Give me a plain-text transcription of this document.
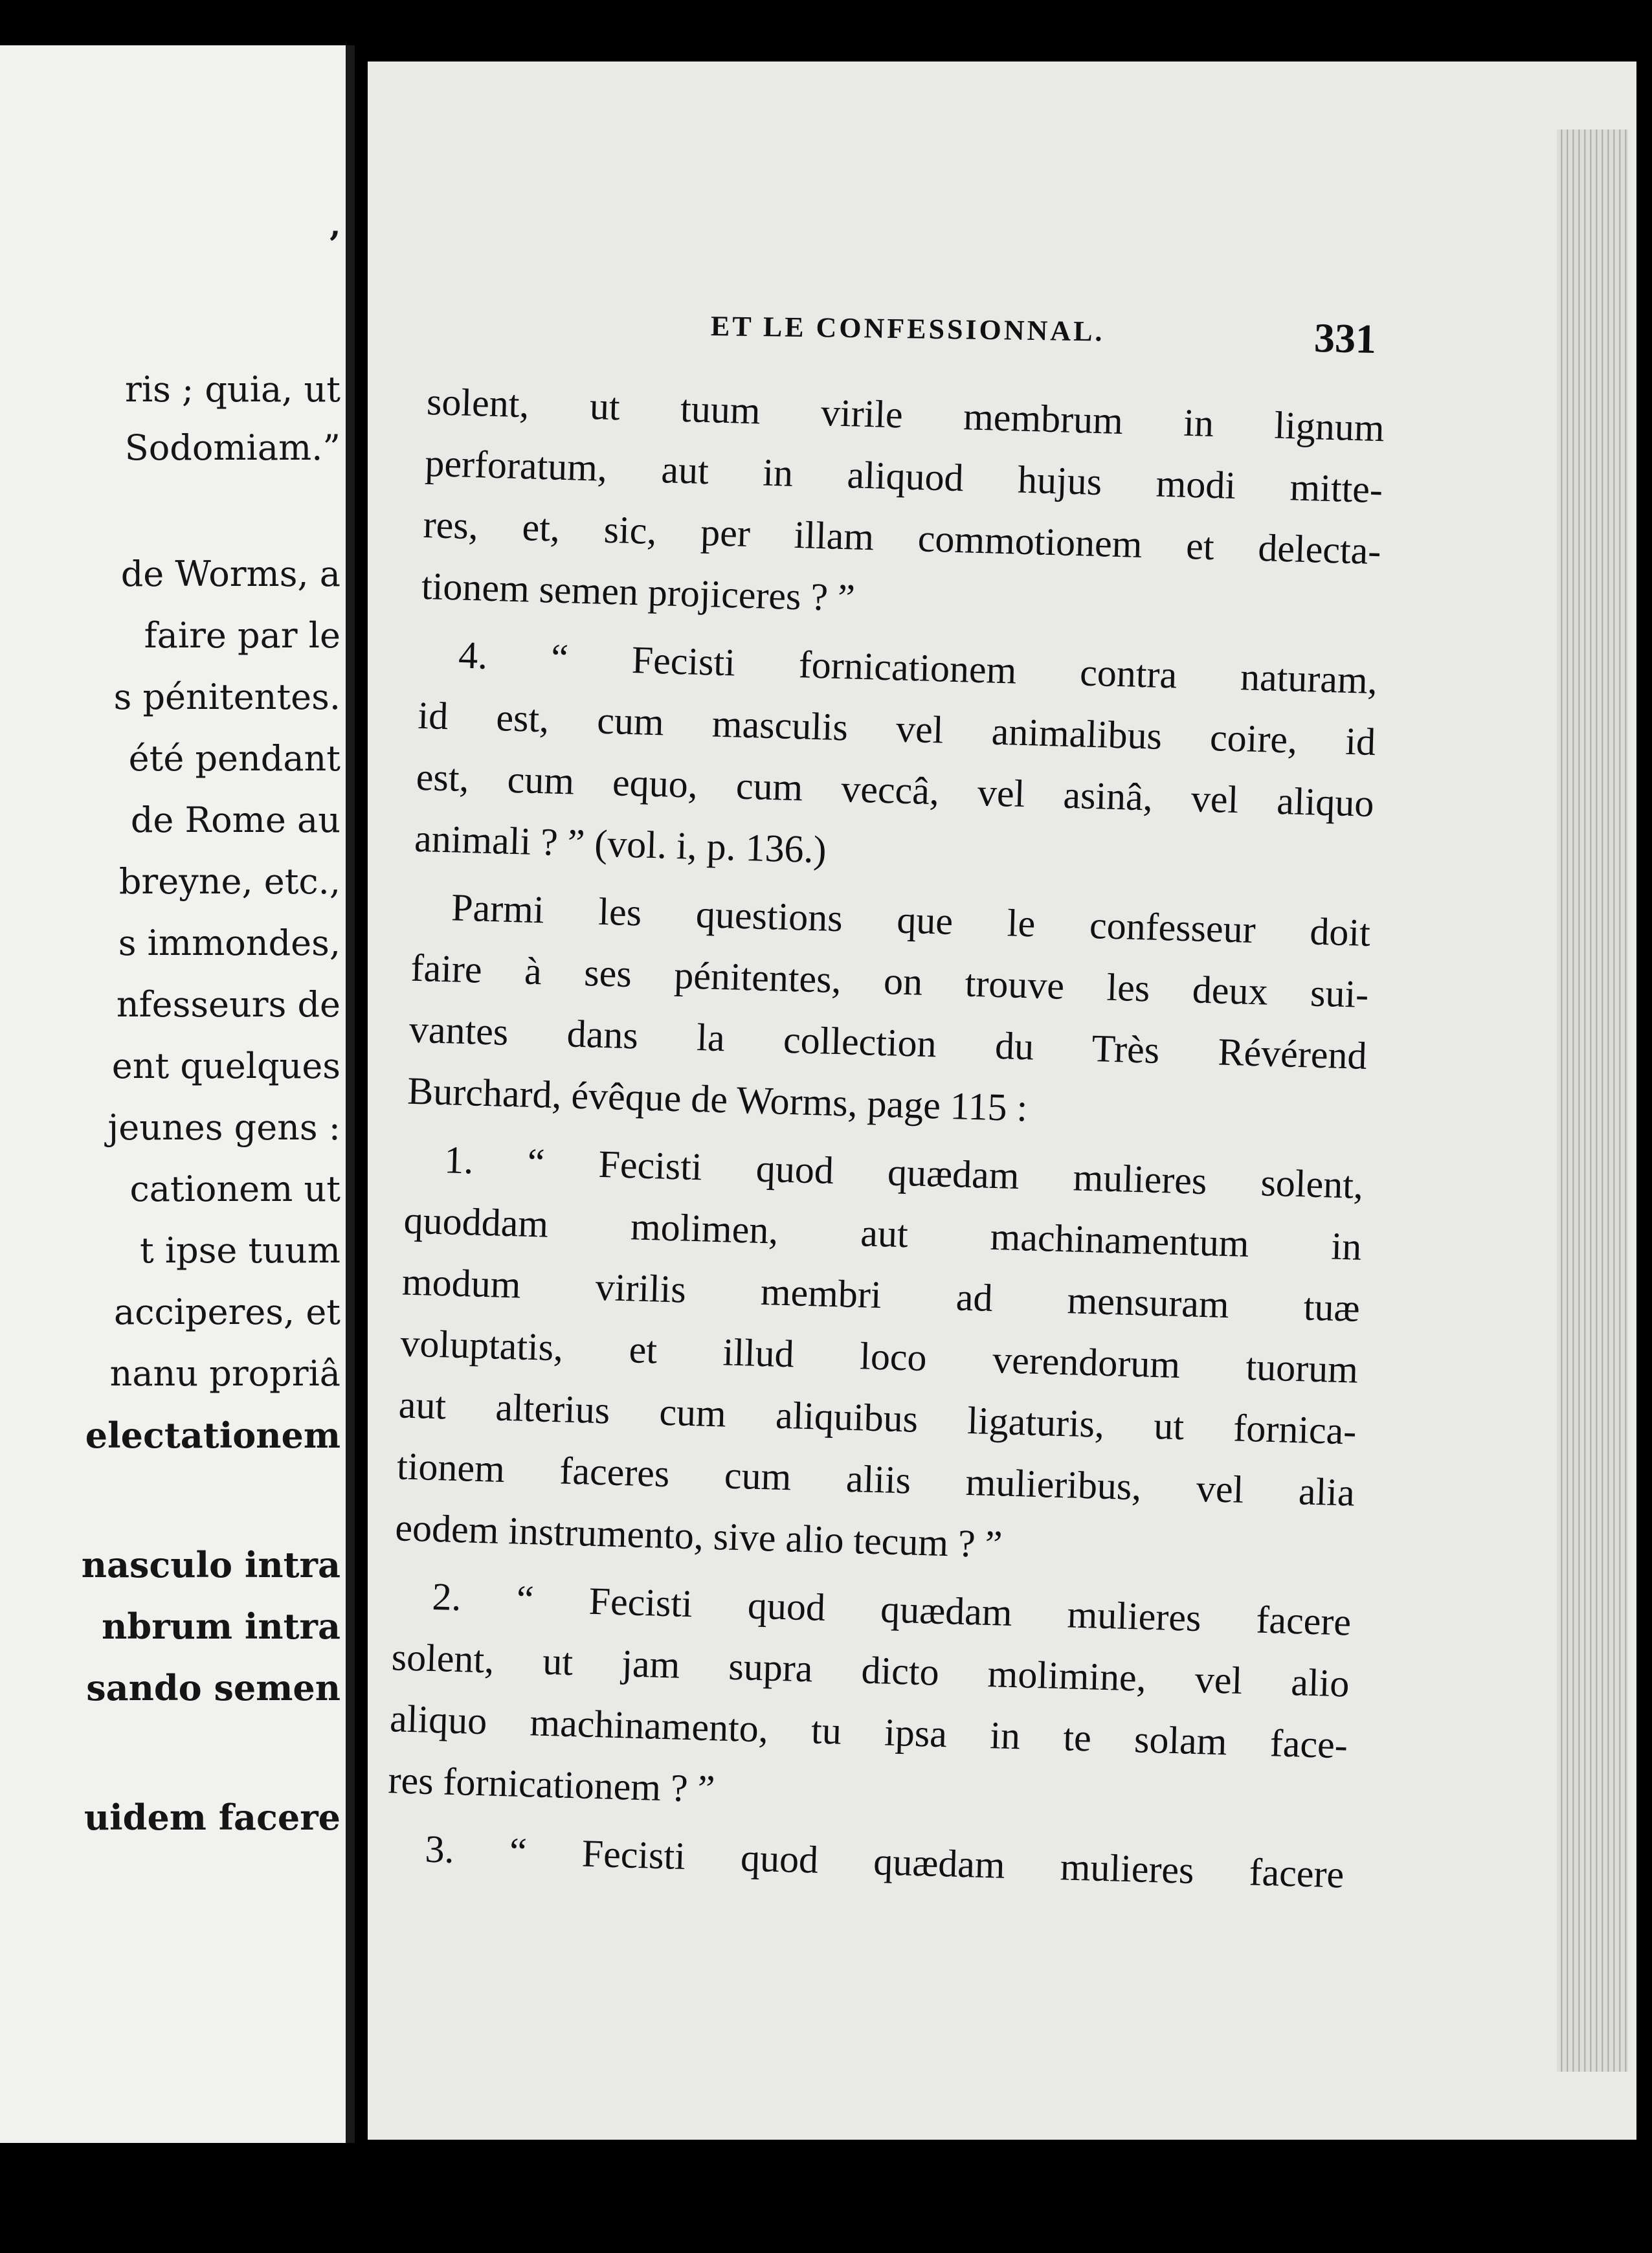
’
ris ; quia, ut
Sodomiam.”
de Worms, a
faire par le
s pénitentes.
été pendant
de Rome au
breyne, etc.,
s immondes,
nfesseurs de
ent quelques
jeunes gens :
cationem ut
t ipse tuum
acciperes, et
nanu propriâ
electationem
nasculo intra
nbrum intra
sando semen
uidem facere
ET LE CONFESSIONNAL.	331
solent, ut tuum virile membrum in lignum
perforatum, aut in aliquod hujus modi mitte-
res, et, sic, per illam commotionem et delecta-
tionem semen projiceres ? ”
4. “ Fecisti fornicationem contra naturam,
id est, cum masculis vel animalibus coire, id
est, cum equo, cum veccâ, vel asinâ, vel aliquo
animali ? ” (vol. i, p. 136.)
Parmi les questions que le confesseur doit
faire à ses pénitentes, on trouve les deux sui-
vantes dans la collection du Très Révérend
Burchard, évêque de Worms, page 115 :
1. “ Fecisti quod quædam mulieres solent,
quoddam molimen, aut machinamentum in
modum virilis membri ad mensuram tuæ
voluptatis, et illud loco verendorum tuorum
aut alterius cum aliquibus ligaturis, ut fornica-
tionem faceres cum aliis mulieribus, vel alia
eodem instrumento, sive alio tecum ? ”
2. “ Fecisti quod quædam mulieres facere
solent, ut jam supra dicto molimine, vel alio
aliquo machinamento, tu ipsa in te solam face-
res fornicationem ? ”
3. “ Fecisti quod quædam mulieres facere
